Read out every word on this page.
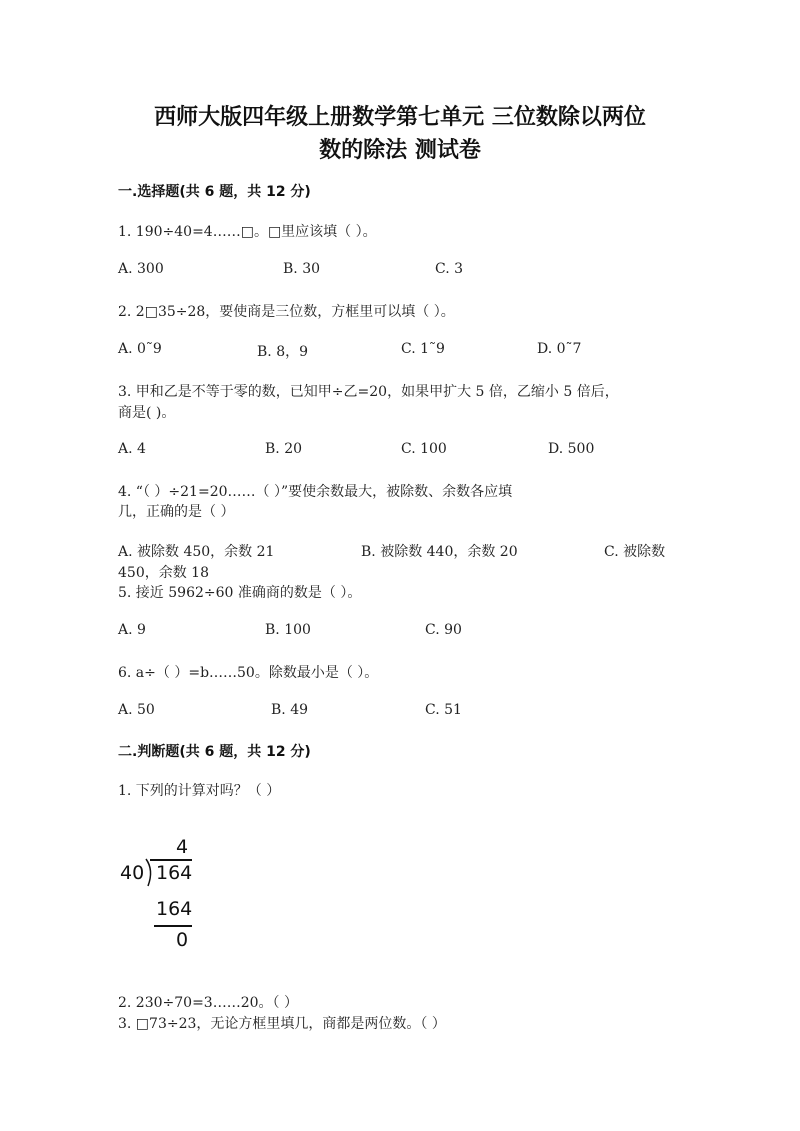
西师大版四年级上册数学第七单元 三位数除以两位
数的除法 测试卷
一.选择题(共 6 题，共 12 分)
1. 190÷40=4……□。□里应该填（ ）。
A. 300	B. 30	C. 3
2. 2□35÷28，要使商是三位数，方框里可以填（ ）。
A. 0˜9	B. 8，9	C. 1˜9	D. 0˜7
3. 甲和乙是不等于零的数，已知甲÷乙=20，如果甲扩大 5 倍，乙缩小 5 倍后，
商是( )。
A. 4	B. 20	C. 100	D. 500
4. “（ ）÷21=20……（ ）”要使余数最大，被除数、余数各应填
几，正确的是（ ）
A. 被除数 450，余数 21	B. 被除数 440，余数 20	C. 被除数
450，余数 18
5. 接近 5962÷60 准确商的数是（ ）。
A. 9	B. 100	C. 90
6. a÷（ ）=b……50。除数最小是（ ）。
A. 50	B. 49	C. 51
二.判断题(共 6 题，共 12 分)
1. 下列的计算对吗？（ ）
4
40 164
164
0
2. 230÷70=3……20。（ ）
3. □73÷23，无论方框里填几，商都是两位数。（ ）
